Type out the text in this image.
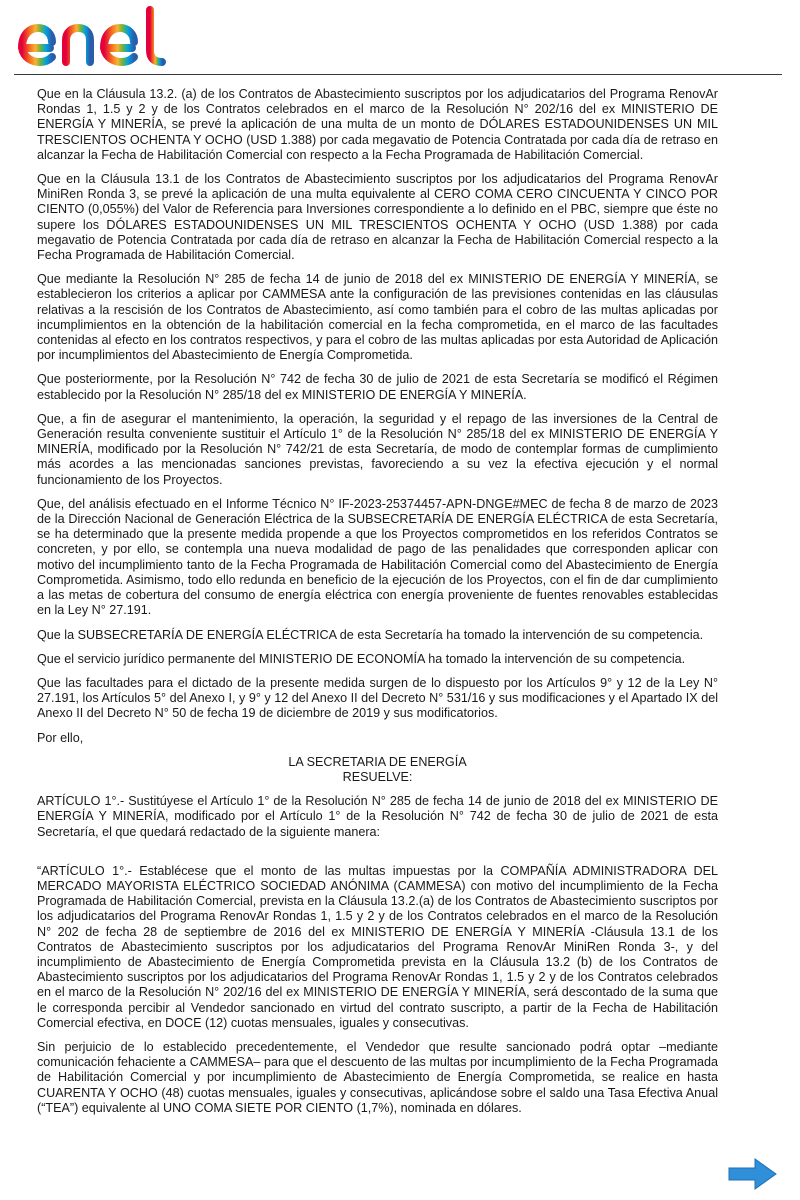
Que en la Cláusula 13.2. (a) de los Contratos de Abastecimiento suscriptos por los adjudicatarios del Programa RenovAr Rondas 1, 1.5 y 2 y de los Contratos celebrados en el marco de la Resolución N° 202/16 del ex MINISTERIO DE ENERGÍA Y MINERÍA, se prevé la aplicación de una multa de un monto de DÓLARES ESTADOUNIDENSES UN MIL TRESCIENTOS OCHENTA Y OCHO (USD 1.388) por cada megavatio de Potencia Contratada por cada día de retraso en alcanzar la Fecha de Habilitación Comercial con respecto a la Fecha Programada de Habilitación Comercial.

Que en la Cláusula 13.1 de los Contratos de Abastecimiento suscriptos por los adjudicatarios del Programa RenovAr MiniRen Ronda 3, se prevé la aplicación de una multa equivalente al CERO COMA CERO CINCUENTA Y CINCO POR CIENTO (0,055%) del Valor de Referencia para Inversiones correspondiente a lo definido en el PBC, siempre que éste no supere los DÓLARES ESTADOUNIDENSES UN MIL TRESCIENTOS OCHENTA Y OCHO (USD 1.388) por cada megavatio de Potencia Contratada por cada día de retraso en alcanzar la Fecha de Habilitación Comercial respecto a la Fecha Programada de Habilitación Comercial.

Que mediante la Resolución N° 285 de fecha 14 de junio de 2018 del ex MINISTERIO DE ENERGÍA Y MINERÍA, se establecieron los criterios a aplicar por CAMMESA ante la configuración de las previsiones contenidas en las cláusulas relativas a la rescisión de los Contratos de Abastecimiento, así como también para el cobro de las multas aplicadas por incumplimientos en la obtención de la habilitación comercial en la fecha comprometida, en el marco de las facultades contenidas al efecto en los contratos respectivos, y para el cobro de las multas aplicadas por esta Autoridad de Aplicación por incumplimientos del Abastecimiento de Energía Comprometida.

Que posteriormente, por la Resolución N° 742 de fecha 30 de julio de 2021 de esta Secretaría se modificó el Régimen establecido por la Resolución N° 285/18 del ex MINISTERIO DE ENERGÍA Y MINERÍA.

Que, a fin de asegurar el mantenimiento, la operación, la seguridad y el repago de las inversiones de la Central de Generación resulta conveniente sustituir el Artículo 1° de la Resolución N° 285/18 del ex MINISTERIO DE ENERGÍA Y MINERÍA, modificado por la Resolución N° 742/21 de esta Secretaría, de modo de contemplar formas de cumplimiento más acordes a las mencionadas sanciones previstas, favoreciendo a su vez la efectiva ejecución y el normal funcionamiento de los Proyectos.

Que, del análisis efectuado en el Informe Técnico N° IF-2023-25374457-APN-DNGE#MEC de fecha 8 de marzo de 2023 de la Dirección Nacional de Generación Eléctrica de la SUBSECRETARÍA DE ENERGÍA ELÉCTRICA de esta Secretaría, se ha determinado que la presente medida propende a que los Proyectos comprometidos en los referidos Contratos se concreten, y por ello, se contempla una nueva modalidad de pago de las penalidades que corresponden aplicar con motivo del incumplimiento tanto de la Fecha Programada de Habilitación Comercial como del Abastecimiento de Energía Comprometida. Asimismo, todo ello redunda en beneficio de la ejecución de los Proyectos, con el fin de dar cumplimiento a las metas de cobertura del consumo de energía eléctrica con energía proveniente de fuentes renovables establecidas en la Ley N° 27.191.

Que la SUBSECRETARÍA DE ENERGÍA ELÉCTRICA de esta Secretaría ha tomado la intervención de su competencia.

Que el servicio jurídico permanente del MINISTERIO DE ECONOMÍA ha tomado la intervención de su competencia.

Que las facultades para el dictado de la presente medida surgen de lo dispuesto por los Artículos 9° y 12 de la Ley N° 27.191, los Artículos 5° del Anexo I, y 9° y 12 del Anexo II del Decreto N° 531/16 y sus modificaciones y el Apartado IX del Anexo II del Decreto N° 50 de fecha 19 de diciembre de 2019 y sus modificatorios.

Por ello,

LA SECRETARIA DE ENERGÍA

RESUELVE:

ARTÍCULO 1°.- Sustitúyese el Artículo 1° de la Resolución N° 285 de fecha 14 de junio de 2018 del ex MINISTERIO DE ENERGÍA Y MINERÍA, modificado por el Artículo 1° de la Resolución N° 742 de fecha 30 de julio de 2021 de esta Secretaría, el que quedará redactado de la siguiente manera:

“ARTÍCULO 1°.- Establécese que el monto de las multas impuestas por la COMPAÑÍA ADMINISTRADORA DEL MERCADO MAYORISTA ELÉCTRICO SOCIEDAD ANÓNIMA (CAMMESA) con motivo del incumplimiento de la Fecha Programada de Habilitación Comercial, prevista en la Cláusula 13.2.(a) de los Contratos de Abastecimiento suscriptos por los adjudicatarios del Programa RenovAr Rondas 1, 1.5 y 2 y de los Contratos celebrados en el marco de la Resolución N° 202 de fecha 28 de septiembre de 2016 del ex MINISTERIO DE ENERGÍA Y MINERÍA -Cláusula 13.1 de los Contratos de Abastecimiento suscriptos por los adjudicatarios del Programa RenovAr MiniRen Ronda 3-, y del incumplimiento de Abastecimiento de Energía Comprometida prevista en la Cláusula 13.2 (b) de los Contratos de Abastecimiento suscriptos por los adjudicatarios del Programa RenovAr Rondas 1, 1.5 y 2 y de los Contratos celebrados en el marco de la Resolución N° 202/16 del ex MINISTERIO DE ENERGÍA Y MINERÍA, será descontado de la suma que le corresponda percibir al Vendedor sancionado en virtud del contrato suscripto, a partir de la Fecha de Habilitación Comercial efectiva, en DOCE (12) cuotas mensuales, iguales y consecutivas.

Sin perjuicio de lo establecido precedentemente, el Vendedor que resulte sancionado podrá optar –mediante comunicación fehaciente a CAMMESA– para que el descuento de las multas por incumplimiento de la Fecha Programada de Habilitación Comercial y por incumplimiento de Abastecimiento de Energía Comprometida, se realice en hasta CUARENTA Y OCHO (48) cuotas mensuales, iguales y consecutivas, aplicándose sobre el saldo una Tasa Efectiva Anual (“TEA”) equivalente al UNO COMA SIETE POR CIENTO (1,7%), nominada en dólares.
